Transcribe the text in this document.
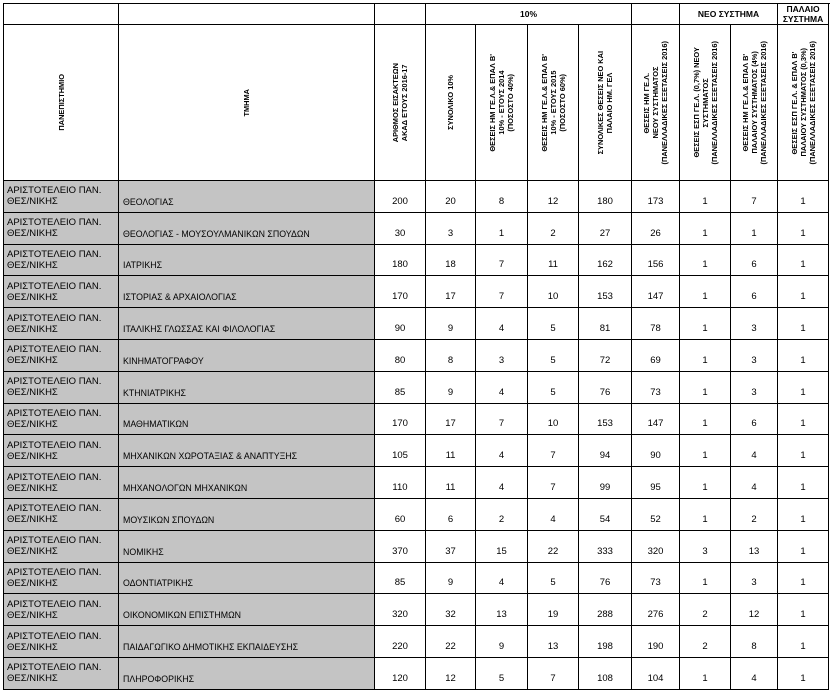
			10%					ΝΕΟ ΣΥΣΤΗΜΑ		ΠΑΛΑΙΟ ΣΥΣΤΗΜΑ

ΠΑΝΕΠΙΣΤΗΜΙΟ	ΤΜΗΜΑ	ΑΡΙΘΜΟΣ ΕΙΣΑΚΤΕΩΝ
ΑΚΑΔ ΕΤΟΥΣ 2016-17	ΣΥΝΟΛΙΚΟ 10%	ΘΕΣΕΙΣ ΗΜ ΓΕ.Λ.& ΕΠΑΛ Β'
10% - ΕΤΟΥΣ 2014
(ΠΟΣΟΣΤΟ 40%)	ΘΕΣΕΙΣ ΗΜ ΓΕ.Λ.& ΕΠΑΛ Β'
10% - ΕΤΟΥΣ 2015
(ΠΟΣΟΣΤΟ 60%)	ΣΥΝΟΛΙΚΕΣ ΘΕΣΕΙΣ ΝΕΟ ΚΑΙ
ΠΑΛΑΙΟ ΗΜ. ΓΕΛ	ΘΕΣΕΙΣ ΗΜ ΓΕ.Λ.
ΝΕΟΥ ΣΥΣΤΗΜΑΤΟΣ
(ΠΑΝΕΛΛΑΔΙΚΕΣ ΕΞΕΤΑΣΕΙΣ 2016)	ΘΕΣΕΙΣ ΕΣΠ ΓΕ.Λ. (0,7%) ΝΕΟΥ
ΣΥΣΤΗΜΑΤΟΣ
(ΠΑΝΕΛΛΑΔΙΚΕΣ ΕΞΕΤΑΣΕΙΣ 2016)	ΘΕΣΕΙΣ ΗΜ ΓΕ.Λ.& ΕΠΑΛ Β'
ΠΑΛΑΙΟΥ ΣΥΣΤΗΜΑΤΟΣ (4%)
(ΠΑΝΕΛΛΑΔΙΚΕΣ ΕΞΕΤΑΣΕΙΣ 2016)	ΘΕΣΕΙΣ ΕΣΠ ΓΕ.Λ. & ΕΠΑΛ Β'
ΠΑΛΑΙΟΥ ΣΥΣΤΗΜΑΤΟΣ (0,3%)
(ΠΑΝΕΛΛΑΔΙΚΕΣ ΕΞΕΤΑΣΕΙΣ 2016)

ΑΡΙΣΤΟΤΕΛΕΙΟ ΠΑΝ.
ΘΕΣ/ΝΙΚΗΣ	ΘΕΟΛΟΓΙΑΣ	200	20	8	12	180	173	1	7	1
ΑΡΙΣΤΟΤΕΛΕΙΟ ΠΑΝ.
ΘΕΣ/ΝΙΚΗΣ	ΘΕΟΛΟΓΙΑΣ - ΜΟΥΣΟΥΛΜΑΝΙΚΩΝ ΣΠΟΥΔΩΝ	30	3	1	2	27	26	1	1	1
ΑΡΙΣΤΟΤΕΛΕΙΟ ΠΑΝ.
ΘΕΣ/ΝΙΚΗΣ	ΙΑΤΡΙΚΗΣ	180	18	7	11	162	156	1	6	1
ΑΡΙΣΤΟΤΕΛΕΙΟ ΠΑΝ.
ΘΕΣ/ΝΙΚΗΣ	ΙΣΤΟΡΙΑΣ & ΑΡΧΑΙΟΛΟΓΙΑΣ	170	17	7	10	153	147	1	6	1
ΑΡΙΣΤΟΤΕΛΕΙΟ ΠΑΝ.
ΘΕΣ/ΝΙΚΗΣ	ΙΤΑΛΙΚΗΣ ΓΛΩΣΣΑΣ ΚΑΙ ΦΙΛΟΛΟΓΙΑΣ	90	9	4	5	81	78	1	3	1
ΑΡΙΣΤΟΤΕΛΕΙΟ ΠΑΝ.
ΘΕΣ/ΝΙΚΗΣ	ΚΙΝΗΜΑΤΟΓΡΑΦΟΥ	80	8	3	5	72	69	1	3	1
ΑΡΙΣΤΟΤΕΛΕΙΟ ΠΑΝ.
ΘΕΣ/ΝΙΚΗΣ	ΚΤΗΝΙΑΤΡΙΚΗΣ	85	9	4	5	76	73	1	3	1
ΑΡΙΣΤΟΤΕΛΕΙΟ ΠΑΝ.
ΘΕΣ/ΝΙΚΗΣ	ΜΑΘΗΜΑΤΙΚΩΝ	170	17	7	10	153	147	1	6	1
ΑΡΙΣΤΟΤΕΛΕΙΟ ΠΑΝ.
ΘΕΣ/ΝΙΚΗΣ	ΜΗΧΑΝΙΚΩΝ ΧΩΡΟΤΑΞΙΑΣ & ΑΝΑΠΤΥΞΗΣ	105	11	4	7	94	90	1	4	1
ΑΡΙΣΤΟΤΕΛΕΙΟ ΠΑΝ.
ΘΕΣ/ΝΙΚΗΣ	ΜΗΧΑΝΟΛΟΓΩΝ ΜΗΧΑΝΙΚΩΝ	110	11	4	7	99	95	1	4	1
ΑΡΙΣΤΟΤΕΛΕΙΟ ΠΑΝ.
ΘΕΣ/ΝΙΚΗΣ	ΜΟΥΣΙΚΩΝ ΣΠΟΥΔΩΝ	60	6	2	4	54	52	1	2	1
ΑΡΙΣΤΟΤΕΛΕΙΟ ΠΑΝ.
ΘΕΣ/ΝΙΚΗΣ	ΝΟΜΙΚΗΣ	370	37	15	22	333	320	3	13	1
ΑΡΙΣΤΟΤΕΛΕΙΟ ΠΑΝ.
ΘΕΣ/ΝΙΚΗΣ	ΟΔΟΝΤΙΑΤΡΙΚΗΣ	85	9	4	5	76	73	1	3	1
ΑΡΙΣΤΟΤΕΛΕΙΟ ΠΑΝ.
ΘΕΣ/ΝΙΚΗΣ	ΟΙΚΟΝΟΜΙΚΩΝ ΕΠΙΣΤΗΜΩΝ	320	32	13	19	288	276	2	12	1
ΑΡΙΣΤΟΤΕΛΕΙΟ ΠΑΝ.
ΘΕΣ/ΝΙΚΗΣ	ΠΑΙΔΑΓΩΓΙΚΟ ΔΗΜΟΤΙΚΗΣ ΕΚΠΑΙΔΕΥΣΗΣ	220	22	9	13	198	190	2	8	1
ΑΡΙΣΤΟΤΕΛΕΙΟ ΠΑΝ.
ΘΕΣ/ΝΙΚΗΣ	ΠΛΗΡΟΦΟΡΙΚΗΣ	120	12	5	7	108	104	1	4	1
